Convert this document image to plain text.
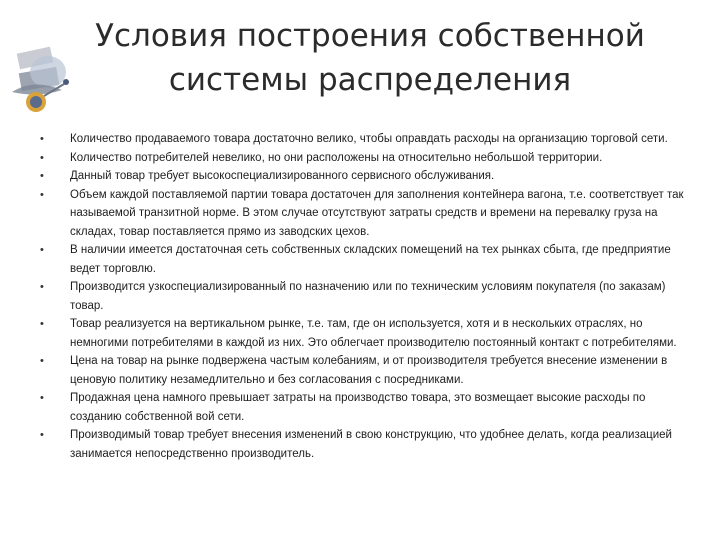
Условия построения собственной
системы распределения
•	Количество продаваемого товара достаточно велико, чтобы оправдать расходы на организацию торговой сети.
•	Количество потребителей невелико, но они расположены на относительно небольшой территории.
•	Данный товар требует высокоспециализированного сервисного обслуживания.
•	Объем каждой поставляемой партии товара достаточен для заполнения контейнера вагона, т.е. соответствует так называемой транзитной норме. В этом случае отсутствуют затраты средств и времени на перевалку груза на складах, товар поставляется прямо из заводских цехов.
•	В наличии имеется достаточная сеть собственных складских помещений на тех рынках сбыта, где предприятие ведет торговлю.
•	Производится узкоспециализированный по назначению или по техническим условиям покупателя (по заказам) товар.
•	Товар реализуется на вертикальном рынке, т.е. там, где он используется, хотя и в нескольких отраслях, но немногими потребителями в каждой из них. Это облегчает производителю постоянный контакт с потребителями.
•	Цена на товар на рынке подвержена частым колебаниям, и от производителя требуется внесение изменении в ценовую политику незамедлительно и без согласования с посредниками.
•	Продажная цена намного превышает затраты на производство товара, это возмещает высокие расходы по созданию собственной вой сети.
•	Производимый товар требует внесения изменений в свою конструкцию, что удобнее делать, когда реализацией занимается непосредственно производитель.
